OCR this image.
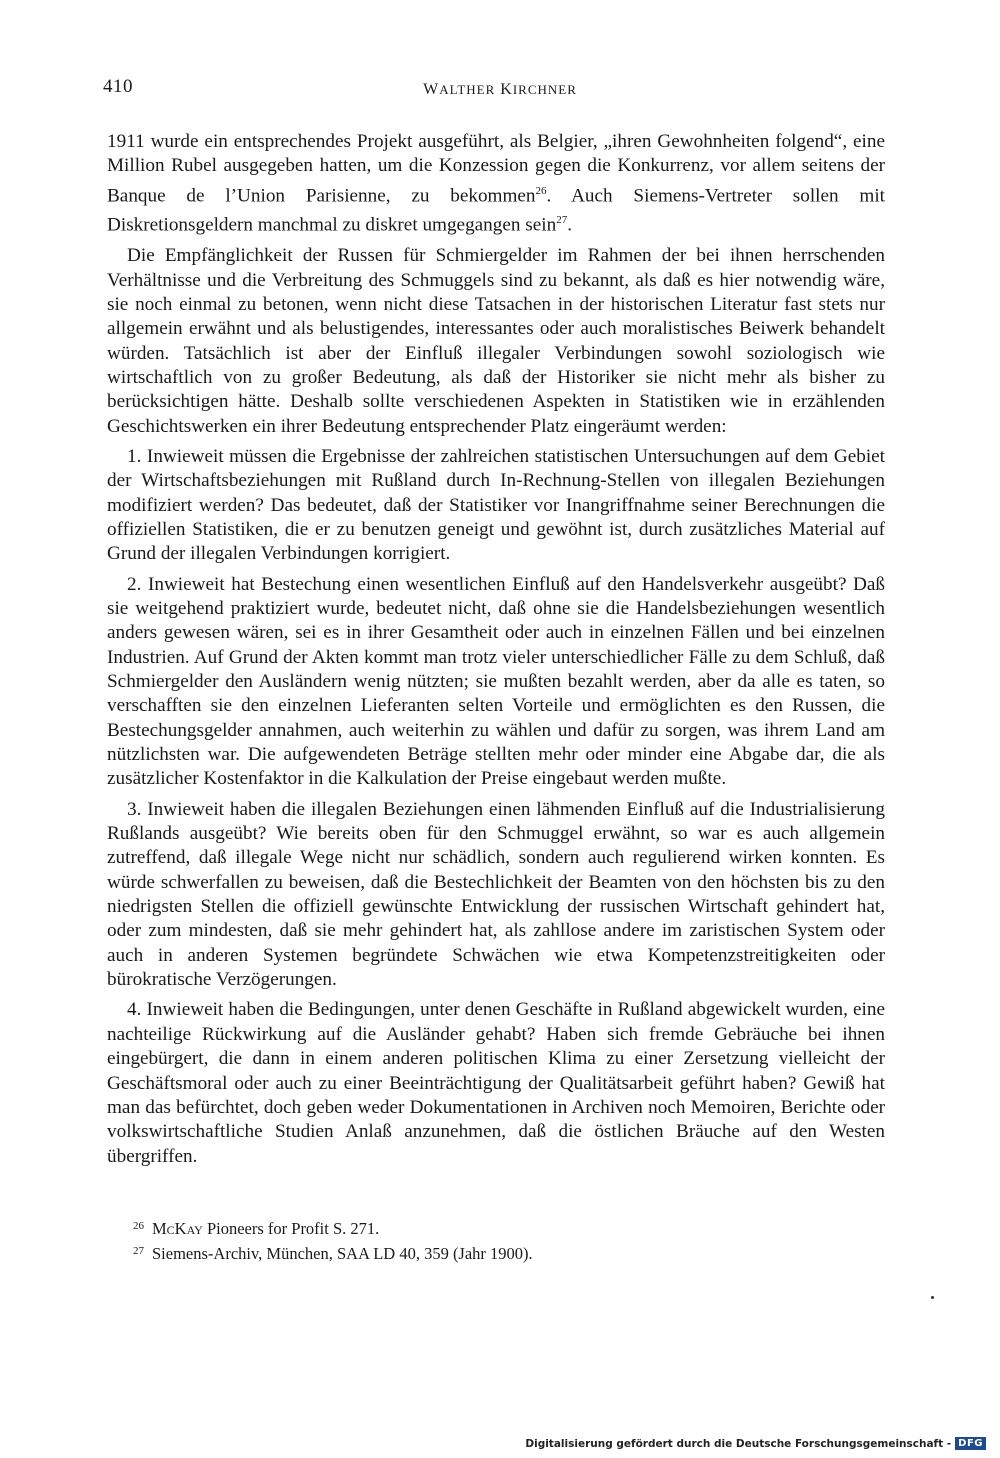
410	Walther Kirchner

1911 wurde ein entsprechendes Projekt ausgeführt, als Belgier, „ihren Gewohnheiten folgend“, eine Million Rubel ausgegeben hatten, um die Konzession gegen die Konkurrenz, vor allem seitens der Banque de l’Union Parisienne, zu bekommen$^{26}$. Auch Siemens-Vertreter sollen mit Diskretionsgeldern manchmal zu diskret umgegangen sein$^{27}$.

Die Empfänglichkeit der Russen für Schmiergelder im Rahmen der bei ihnen herrschenden Verhältnisse und die Verbreitung des Schmuggels sind zu bekannt, als daß es hier notwendig wäre, sie noch einmal zu betonen, wenn nicht diese Tatsachen in der historischen Literatur fast stets nur allgemein erwähnt und als belustigendes, interessantes oder auch moralistisches Beiwerk behandelt würden. Tatsächlich ist aber der Einfluß illegaler Verbindungen sowohl soziologisch wie wirtschaftlich von zu großer Bedeutung, als daß der Historiker sie nicht mehr als bisher zu berücksichtigen hätte. Deshalb sollte verschiedenen Aspekten in Statistiken wie in erzählenden Geschichtswerken ein ihrer Bedeutung entsprechender Platz eingeräumt werden:

1. Inwieweit müssen die Ergebnisse der zahlreichen statistischen Untersuchungen auf dem Gebiet der Wirtschaftsbeziehungen mit Rußland durch In-Rechnung-Stellen von illegalen Beziehungen modifiziert werden? Das bedeutet, daß der Statistiker vor Inangriffnahme seiner Berechnungen die offiziellen Statistiken, die er zu benutzen geneigt und gewöhnt ist, durch zusätzliches Material auf Grund der illegalen Verbindungen korrigiert.

2. Inwieweit hat Bestechung einen wesentlichen Einfluß auf den Handelsverkehr ausgeübt? Daß sie weitgehend praktiziert wurde, bedeutet nicht, daß ohne sie die Handelsbeziehungen wesentlich anders gewesen wären, sei es in ihrer Gesamtheit oder auch in einzelnen Fällen und bei einzelnen Industrien. Auf Grund der Akten kommt man trotz vieler unterschiedlicher Fälle zu dem Schluß, daß Schmiergelder den Ausländern wenig nützten; sie mußten bezahlt werden, aber da alle es taten, so verschafften sie den einzelnen Lieferanten selten Vorteile und ermöglichten es den Russen, die Bestechungsgelder annahmen, auch weiterhin zu wählen und dafür zu sorgen, was ihrem Land am nützlichsten war. Die aufgewendeten Beträge stellten mehr oder minder eine Abgabe dar, die als zusätzlicher Kostenfaktor in die Kalkulation der Preise eingebaut werden mußte.

3. Inwieweit haben die illegalen Beziehungen einen lähmenden Einfluß auf die Industrialisierung Rußlands ausgeübt? Wie bereits oben für den Schmuggel erwähnt, so war es auch allgemein zutreffend, daß illegale Wege nicht nur schädlich, sondern auch regulierend wirken konnten. Es würde schwerfallen zu beweisen, daß die Bestechlichkeit der Beamten von den höchsten bis zu den niedrigsten Stellen die offiziell gewünschte Entwicklung der russischen Wirtschaft gehindert hat, oder zum mindesten, daß sie mehr gehindert hat, als zahllose andere im zaristischen System oder auch in anderen Systemen begründete Schwächen wie etwa Kompetenzstreitigkeiten oder bürokratische Verzögerungen.

4. Inwieweit haben die Bedingungen, unter denen Geschäfte in Rußland abgewickelt wurden, eine nachteilige Rückwirkung auf die Ausländer gehabt? Haben sich fremde Gebräuche bei ihnen eingebürgert, die dann in einem anderen politischen Klima zu einer Zersetzung vielleicht der Geschäftsmoral oder auch zu einer Beeinträchtigung der Qualitätsarbeit geführt haben? Gewiß hat man das befürchtet, doch geben weder Dokumentationen in Archiven noch Memoiren, Berichte oder volkswirtschaftliche Studien Anlaß anzunehmen, daß die östlichen Bräuche auf den Westen übergriffen.

$^{26}$ McKay Pioneers for Profit S. 271.

$^{27}$ Siemens-Archiv, München, SAA LD 40, 359 (Jahr 1900).

Digitalisierung gefördert durch die Deutsche Forschungsgemeinschaft - DFG
